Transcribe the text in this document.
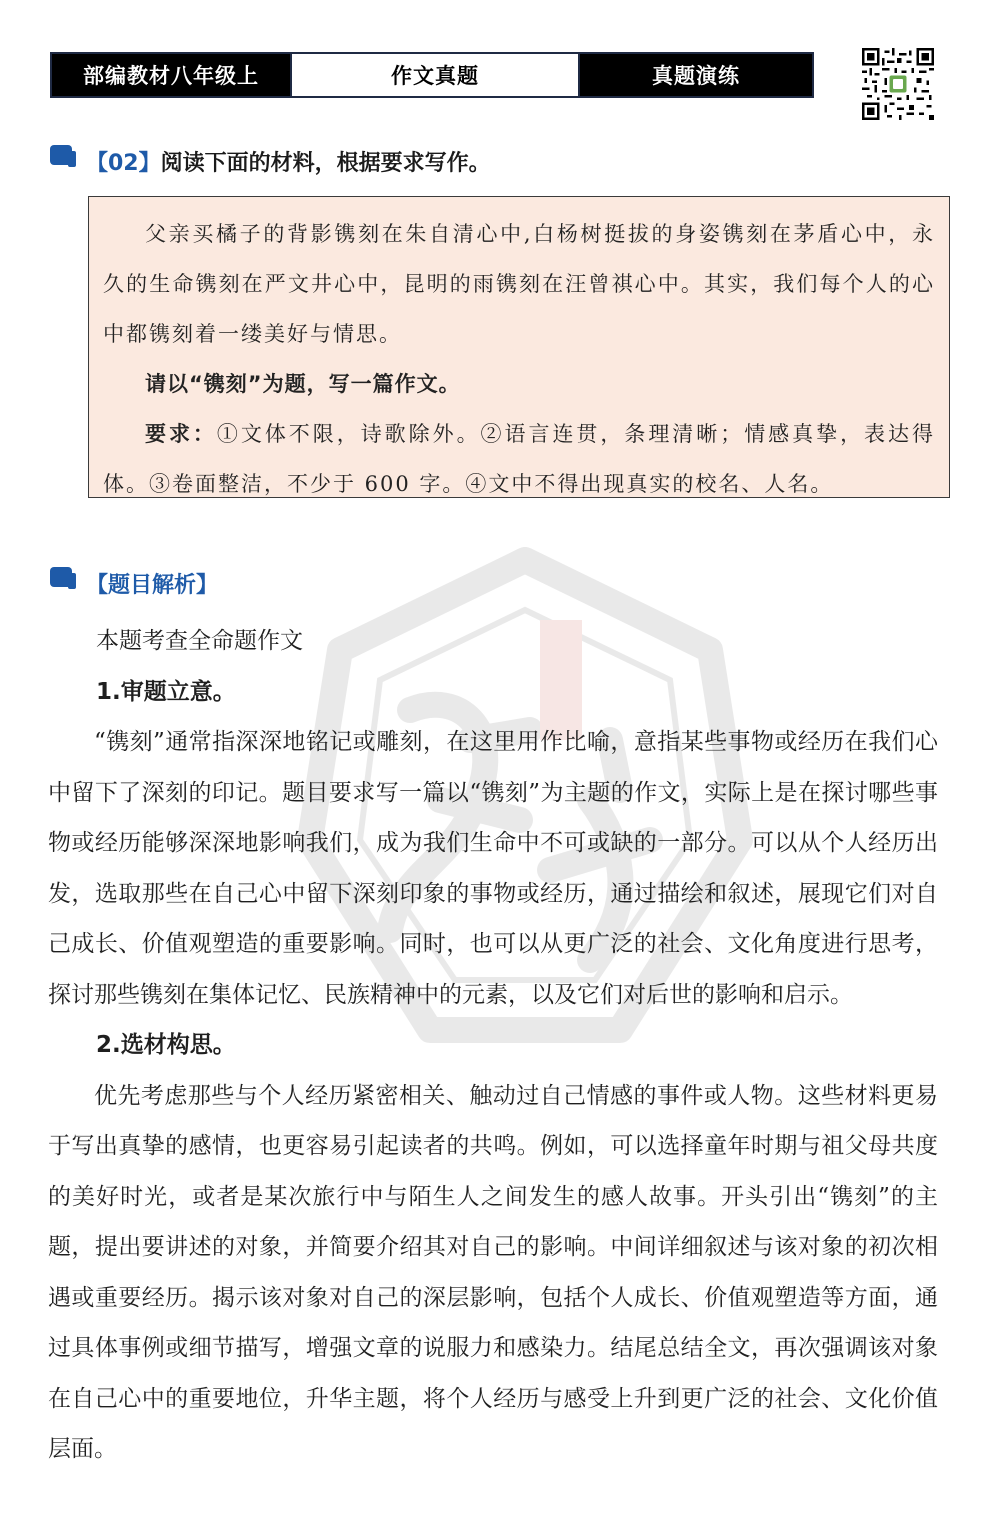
部编教材八年级上	作文真题	真题演练
【02】 阅读下面的材料，根据要求写作。

父亲买橘子的背影镌刻在朱自清心中,白杨树挺拔的身姿镌刻在茅盾心中，永久的生命镌刻在严文井心中，昆明的雨镌刻在汪曾祺心中。其实，我们每个人的心中都镌刻着一缕美好与情思。

请以“镌刻”为题，写一篇作文。

要求：①文体不限，诗歌除外。②语言连贯，条理清晰；情感真挚，表达得体。③卷面整洁，不少于 600 字。④文中不得出现真实的校名、人名。

【题目解析】

本题考查全命题作文

1.审题立意。

“镌刻”通常指深深地铭记或雕刻，在这里用作比喻，意指某些事物或经历在我们心中留下了深刻的印记。题目要求写一篇以“镌刻”为主题的作文，实际上是在探讨哪些事物或经历能够深深地影响我们，成为我们生命中不可或缺的一部分。可以从个人经历出发，选取那些在自己心中留下深刻印象的事物或经历，通过描绘和叙述，展现它们对自己成长、价值观塑造的重要影响。同时，也可以从更广泛的社会、文化角度进行思考，探讨那些镌刻在集体记忆、民族精神中的元素，以及它们对后世的影响和启示。

2.选材构思。

优先考虑那些与个人经历紧密相关、触动过自己情感的事件或人物。这些材料更易于写出真挚的感情，也更容易引起读者的共鸣。例如，可以选择童年时期与祖父母共度的美好时光，或者是某次旅行中与陌生人之间发生的感人故事。开头引出“镌刻”的主题，提出要讲述的对象，并简要介绍其对自己的影响。中间详细叙述与该对象的初次相遇或重要经历。揭示该对象对自己的深层影响，包括个人成长、价值观塑造等方面，通过具体事例或细节描写，增强文章的说服力和感染力。结尾总结全文，再次强调该对象在自己心中的重要地位，升华主题，将个人经历与感受上升到更广泛的社会、文化价值层面。
